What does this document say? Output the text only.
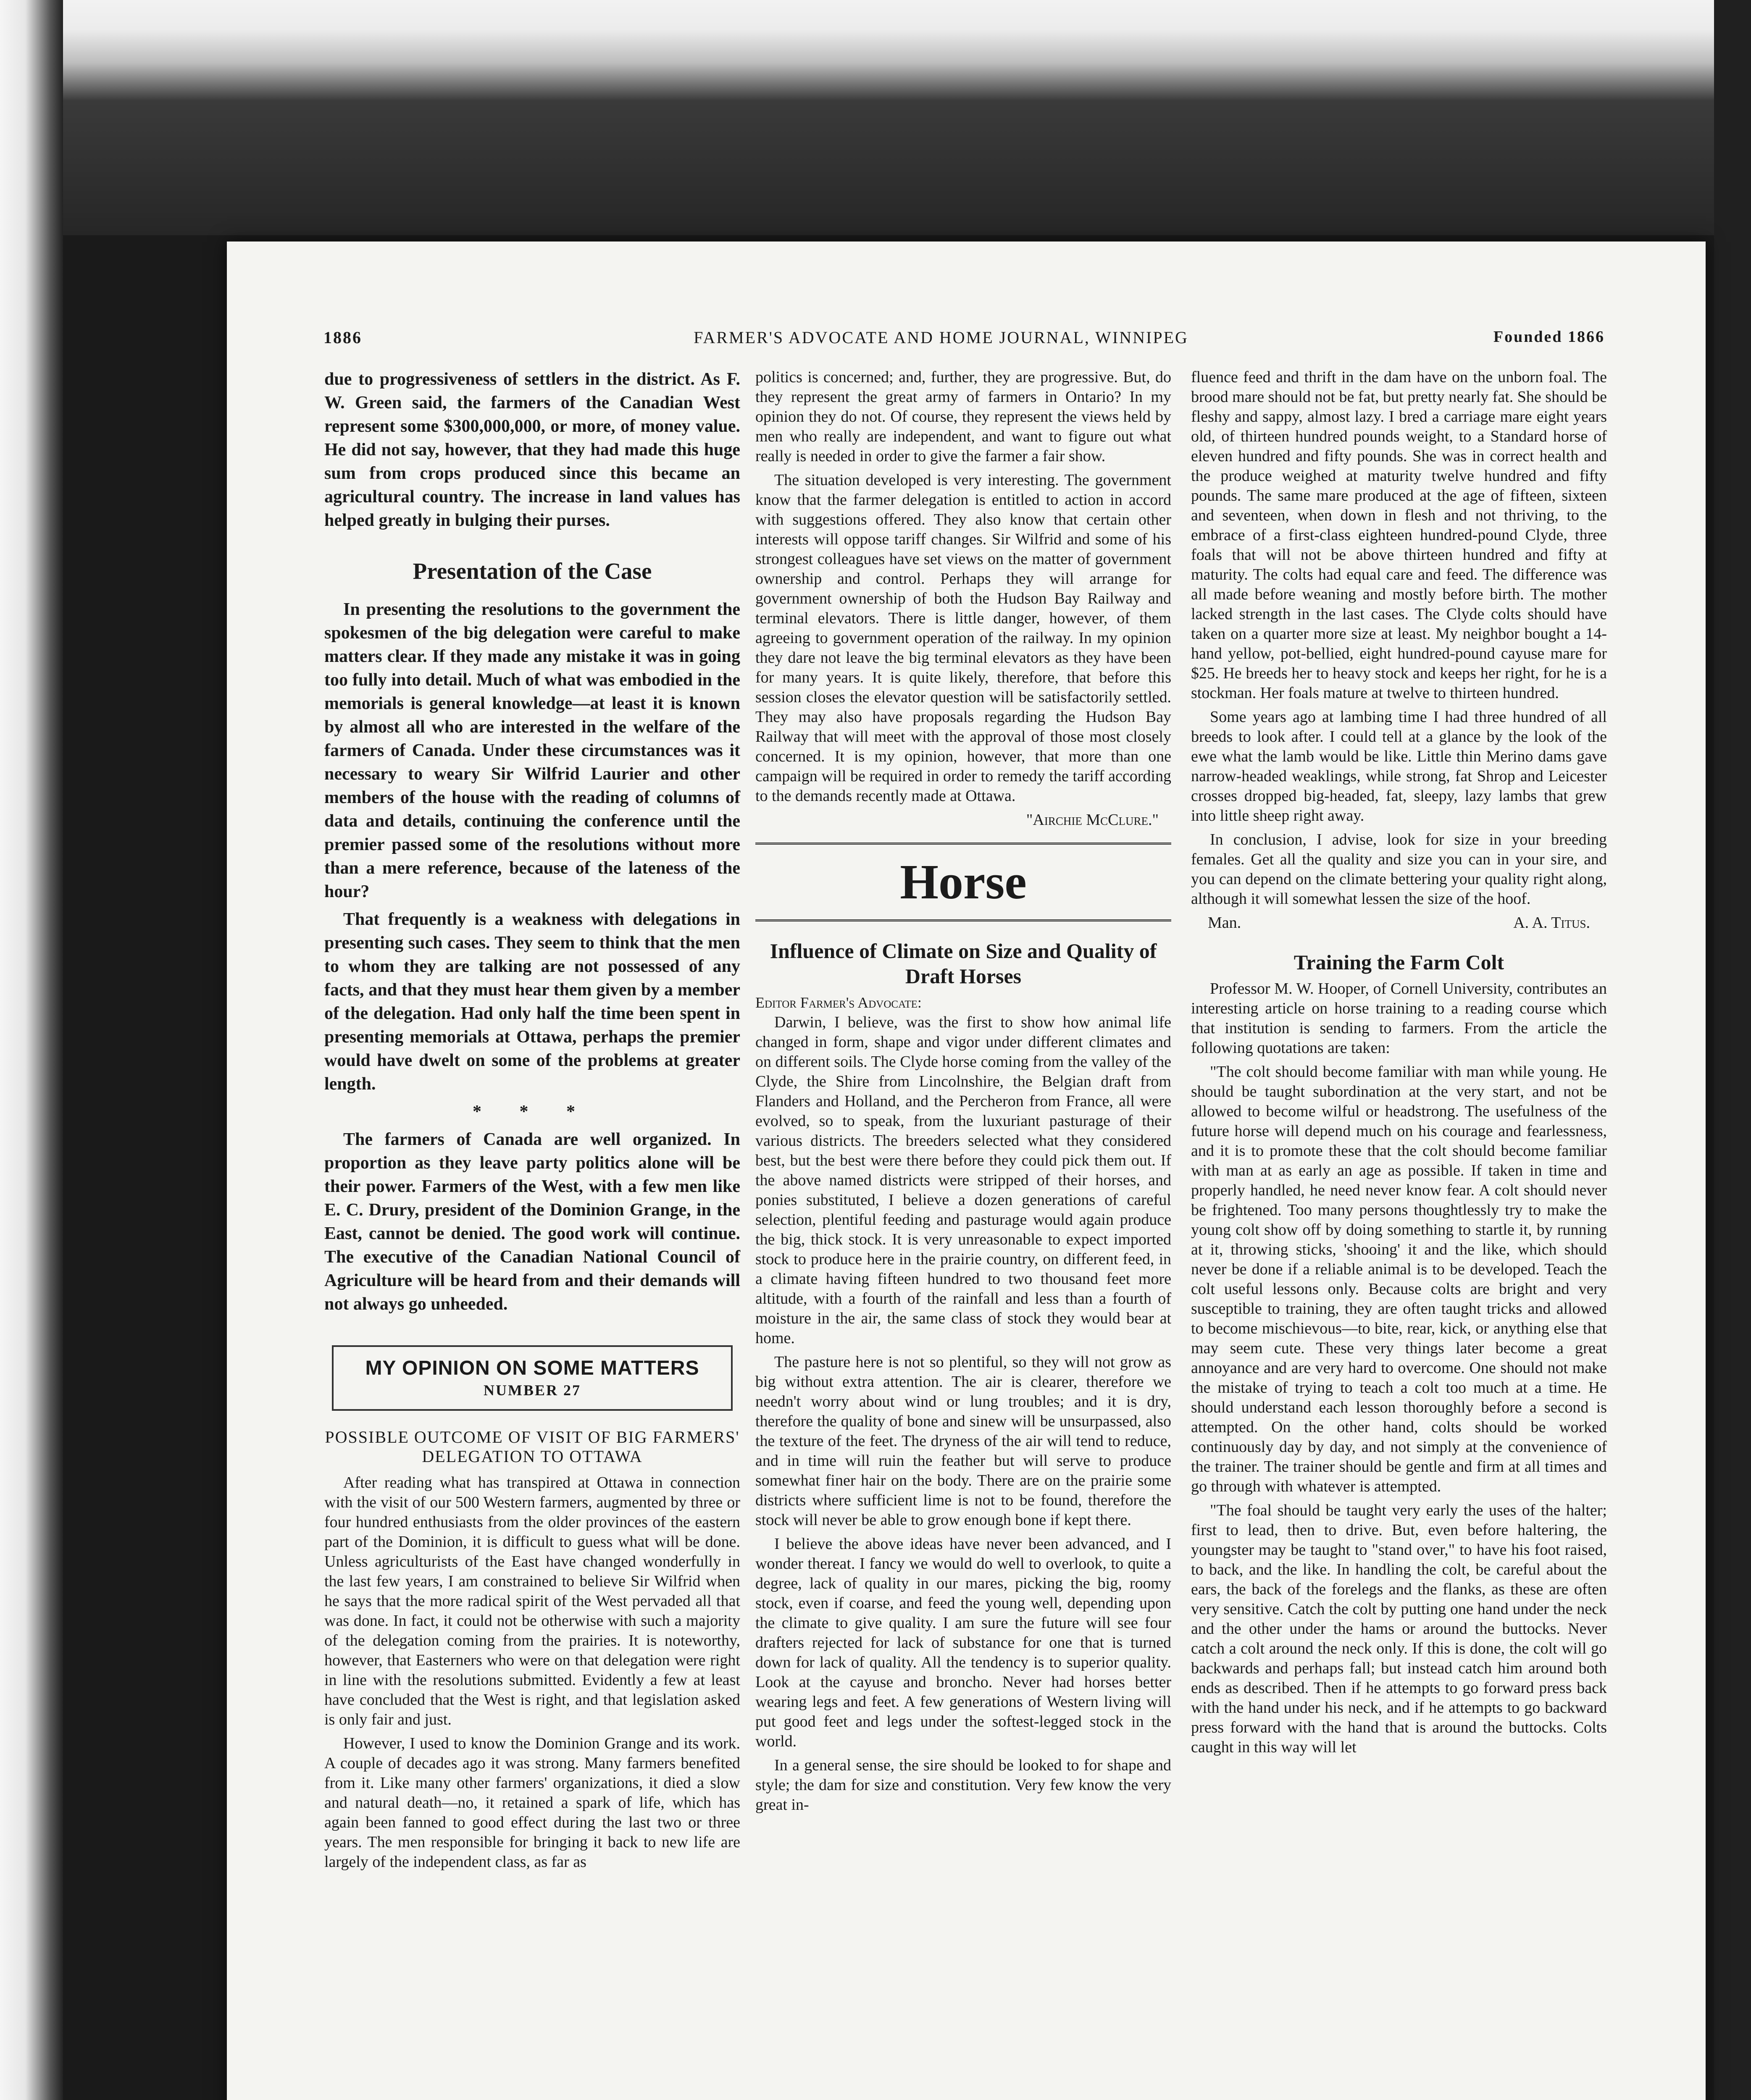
1886	FARMER'S ADVOCATE AND HOME JOURNAL, WINNIPEG	Founded 1866

due to progressiveness of settlers in the district. As F. W. Green said, the farmers of the Canadian West represent some $300,000,000, or more, of money value. He did not say, however, that they had made this huge sum from crops produced since this became an agricultural country. The increase in land values has helped greatly in bulging their purses.

Presentation of the Case

In presenting the resolutions to the government the spokesmen of the big delegation were careful to make matters clear. If they made any mistake it was in going too fully into detail. Much of what was embodied in the memorials is general knowledge—at least it is known by almost all who are interested in the welfare of the farmers of Canada. Under these circumstances was it necessary to weary Sir Wilfrid Laurier and other members of the house with the reading of columns of data and details, continuing the conference until the premier passed some of the resolutions without more than a mere reference, because of the lateness of the hour?

That frequently is a weakness with delegations in presenting such cases. They seem to think that the men to whom they are talking are not possessed of any facts, and that they must hear them given by a member of the delegation. Had only half the time been spent in presenting memorials at Ottawa, perhaps the premier would have dwelt on some of the problems at greater length.

* * *

The farmers of Canada are well organized. In proportion as they leave party politics alone will be their power. Farmers of the West, with a few men like E. C. Drury, president of the Dominion Grange, in the East, cannot be denied. The good work will continue. The executive of the Canadian National Council of Agriculture will be heard from and their demands will not always go unheeded.

MY OPINION ON SOME MATTERS
NUMBER 27
POSSIBLE OUTCOME OF VISIT OF BIG FARMERS' DELEGATION TO OTTAWA

After reading what has transpired at Ottawa in connection with the visit of our 500 Western farmers, augmented by three or four hundred enthusiasts from the older provinces of the eastern part of the Dominion, it is difficult to guess what will be done. Unless agriculturists of the East have changed wonderfully in the last few years, I am constrained to believe Sir Wilfrid when he says that the more radical spirit of the West pervaded all that was done. In fact, it could not be otherwise with such a majority of the delegation coming from the prairies. It is noteworthy, however, that Easterners who were on that delegation were right in line with the resolutions submitted. Evidently a few at least have concluded that the West is right, and that legislation asked is only fair and just.

However, I used to know the Dominion Grange and its work. A couple of decades ago it was strong. Many farmers benefited from it. Like many other farmers' organizations, it died a slow and natural death—no, it retained a spark of life, which has again been fanned to good effect during the last two or three years. The men responsible for bringing it back to new life are largely of the independent class, as far as

politics is concerned; and, further, they are progressive. But, do they represent the great army of farmers in Ontario? In my opinion they do not. Of course, they represent the views held by men who really are independent, and want to figure out what really is needed in order to give the farmer a fair show.

The situation developed is very interesting. The government know that the farmer delegation is entitled to action in accord with suggestions offered. They also know that certain other interests will oppose tariff changes. Sir Wilfrid and some of his strongest colleagues have set views on the matter of government ownership and control. Perhaps they will arrange for government ownership of both the Hudson Bay Railway and terminal elevators. There is little danger, however, of them agreeing to government operation of the railway. In my opinion they dare not leave the big terminal elevators as they have been for many years. It is quite likely, therefore, that before this session closes the elevator question will be satisfactorily settled. They may also have proposals regarding the Hudson Bay Railway that will meet with the approval of those most closely concerned. It is my opinion, however, that more than one campaign will be required in order to remedy the tariff according to the demands recently made at Ottawa.

"Airchie McClure."
Horse
Influence of Climate on Size and Quality of Draft Horses
Editor Farmer's Advocate:

Darwin, I believe, was the first to show how animal life changed in form, shape and vigor under different climates and on different soils. The Clyde horse coming from the valley of the Clyde, the Shire from Lincolnshire, the Belgian draft from Flanders and Holland, and the Percheron from France, all were evolved, so to speak, from the luxuriant pasturage of their various districts. The breeders selected what they considered best, but the best were there before they could pick them out. If the above named districts were stripped of their horses, and ponies substituted, I believe a dozen generations of careful selection, plentiful feeding and pasturage would again produce the big, thick stock. It is very unreasonable to expect imported stock to produce here in the prairie country, on different feed, in a climate having fifteen hundred to two thousand feet more altitude, with a fourth of the rainfall and less than a fourth of moisture in the air, the same class of stock they would bear at home.

The pasture here is not so plentiful, so they will not grow as big without extra attention. The air is clearer, therefore we needn't worry about wind or lung troubles; and it is dry, therefore the quality of bone and sinew will be unsurpassed, also the texture of the feet. The dryness of the air will tend to reduce, and in time will ruin the feather but will serve to produce somewhat finer hair on the body. There are on the prairie some districts where sufficient lime is not to be found, therefore the stock will never be able to grow enough bone if kept there.

I believe the above ideas have never been advanced, and I wonder thereat. I fancy we would do well to overlook, to quite a degree, lack of quality in our mares, picking the big, roomy stock, even if coarse, and feed the young well, depending upon the climate to give quality. I am sure the future will see four drafters rejected for lack of substance for one that is turned down for lack of quality. All the tendency is to superior quality. Look at the cayuse and broncho. Never had horses better wearing legs and feet. A few generations of Western living will put good feet and legs under the softest-legged stock in the world.

In a general sense, the sire should be looked to for shape and style; the dam for size and constitution. Very few know the very great in-

fluence feed and thrift in the dam have on the unborn foal. The brood mare should not be fat, but pretty nearly fat. She should be fleshy and sappy, almost lazy. I bred a carriage mare eight years old, of thirteen hundred pounds weight, to a Standard horse of eleven hundred and fifty pounds. She was in correct health and the produce weighed at maturity twelve hundred and fifty pounds. The same mare produced at the age of fifteen, sixteen and seventeen, when down in flesh and not thriving, to the embrace of a first-class eighteen hundred-pound Clyde, three foals that will not be above thirteen hundred and fifty at maturity. The colts had equal care and feed. The difference was all made before weaning and mostly before birth. The mother lacked strength in the last cases. The Clyde colts should have taken on a quarter more size at least. My neighbor bought a 14-hand yellow, pot-bellied, eight hundred-pound cayuse mare for $25. He breeds her to heavy stock and keeps her right, for he is a stockman. Her foals mature at twelve to thirteen hundred.

Some years ago at lambing time I had three hundred of all breeds to look after. I could tell at a glance by the look of the ewe what the lamb would be like. Little thin Merino dams gave narrow-headed weaklings, while strong, fat Shrop and Leicester crosses dropped big-headed, fat, sleepy, lazy lambs that grew into little sheep right away.

In conclusion, I advise, look for size in your breeding females. Get all the quality and size you can in your sire, and you can depend on the climate bettering your quality right along, although it will somewhat lessen the size of the hoof.

Man.	A. A. Titus.
Training the Farm Colt

Professor M. W. Hooper, of Cornell University, contributes an interesting article on horse training to a reading course which that institution is sending to farmers. From the article the following quotations are taken:

"The colt should become familiar with man while young. He should be taught subordination at the very start, and not be allowed to become wilful or headstrong. The usefulness of the future horse will depend much on his courage and fearlessness, and it is to promote these that the colt should become familiar with man at as early an age as possible. If taken in time and properly handled, he need never know fear. A colt should never be frightened. Too many persons thoughtlessly try to make the young colt show off by doing something to startle it, by running at it, throwing sticks, 'shooing' it and the like, which should never be done if a reliable animal is to be developed. Teach the colt useful lessons only. Because colts are bright and very susceptible to training, they are often taught tricks and allowed to become mischievous—to bite, rear, kick, or anything else that may seem cute. These very things later become a great annoyance and are very hard to overcome. One should not make the mistake of trying to teach a colt too much at a time. He should understand each lesson thoroughly before a second is attempted. On the other hand, colts should be worked continuously day by day, and not simply at the convenience of the trainer. The trainer should be gentle and firm at all times and go through with whatever is attempted.

"The foal should be taught very early the uses of the halter; first to lead, then to drive. But, even before haltering, the youngster may be taught to "stand over," to have his foot raised, to back, and the like. In handling the colt, be careful about the ears, the back of the forelegs and the flanks, as these are often very sensitive. Catch the colt by putting one hand under the neck and the other under the hams or around the buttocks. Never catch a colt around the neck only. If this is done, the colt will go backwards and perhaps fall; but instead catch him around both ends as described. Then if he attempts to go forward press back with the hand under his neck, and if he attempts to go backward press forward with the hand that is around the buttocks. Colts caught in this way will let
